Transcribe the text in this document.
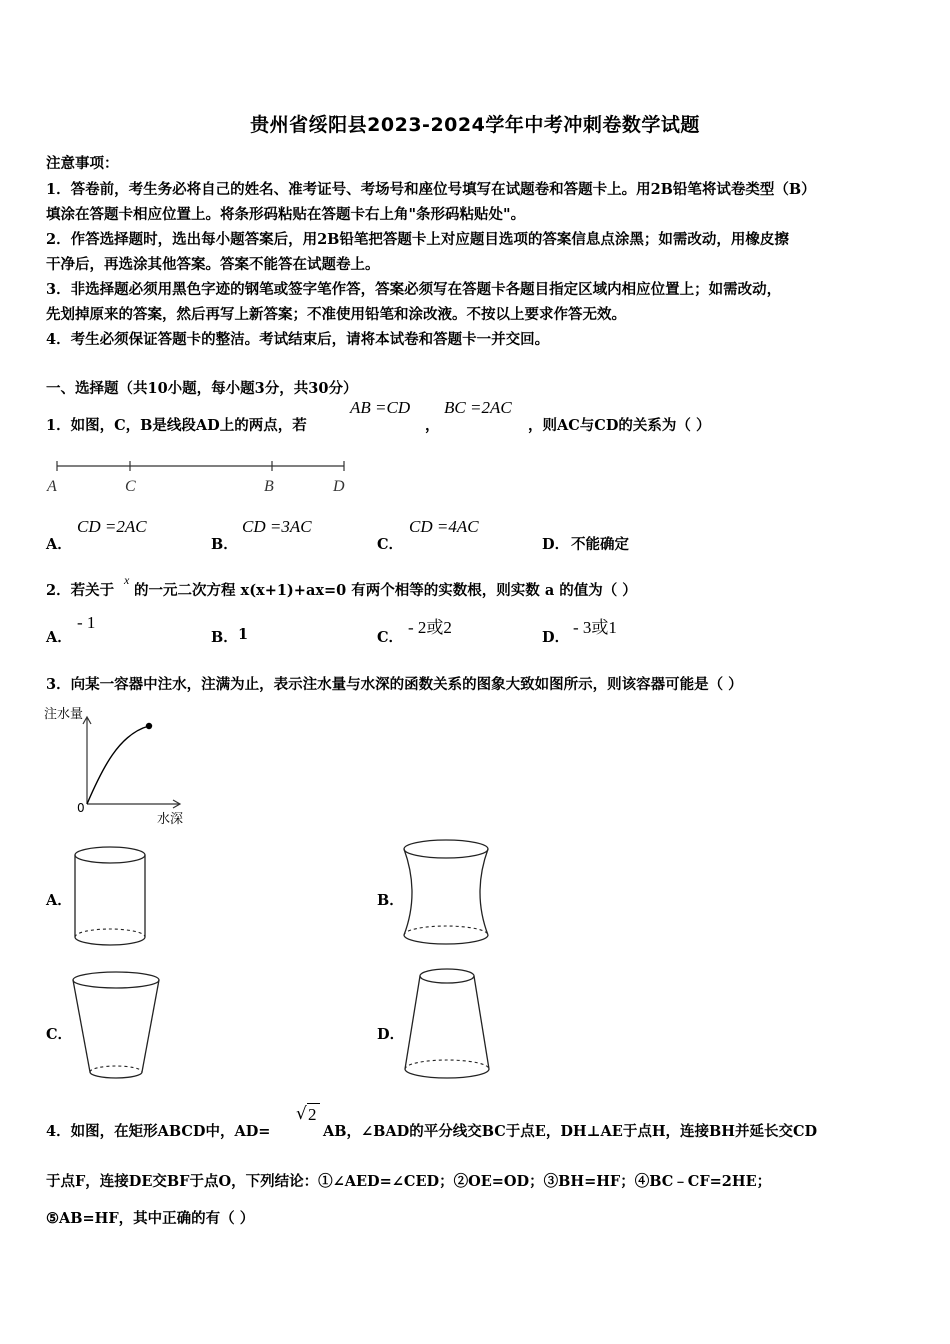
贵州省绥阳县2023-2024学年中考冲刺卷数学试题
注意事项：
1．答卷前，考生务必将自己的姓名、准考证号、考场号和座位号填写在试题卷和答题卡上。用2B铅笔将试卷类型（B）
填涂在答题卡相应位置上。将条形码粘贴在答题卡右上角"条形码粘贴处"。
2．作答选择题时，选出每小题答案后，用2B铅笔把答题卡上对应题目选项的答案信息点涂黑；如需改动，用橡皮擦
干净后，再选涂其他答案。答案不能答在试题卷上。
3．非选择题必须用黑色字迹的钢笔或签字笔作答，答案必须写在答题卡各题目指定区域内相应位置上；如需改动，
先划掉原来的答案，然后再写上新答案；不准使用铅笔和涂改液。不按以上要求作答无效。
4．考生必须保证答题卡的整洁。考试结束后，请将本试卷和答题卡一并交回。
一、选择题（共10小题，每小题3分，共30分）
1．如图，C，B是线段AD上的两点，若
AB =CD
，
BC =2AC
，则AC与CD的关系为（ ）
A	C	B	D
A．
CD =2AC
B．
CD =3AC
C．
CD =4AC
D． 不能确定
2．若关于
x
的一元二次方程 x(x+1)+ax=0 有两个相等的实数根，则实数 a 的值为（ ）
A．
- 1
B． 1	C．
- 2或2
D．
- 3或1
3．向某一容器中注水，注满为止，表示注水量与水深的函数关系的图象大致如图所示，则该容器可能是（ ）
注水量
水深
0
A．	B．
C．	D．
4．如图，在矩形ABCD中，AD=
√ 2
AB，∠BAD的平分线交BC于点E，DH⊥AE于点H，连接BH并延长交CD
于点F，连接DE交BF于点O，下列结论：①∠AED=∠CED；②OE=OD；③BH=HF；④BC﹣CF=2HE；
⑤AB=HF，其中正确的有（ ）
